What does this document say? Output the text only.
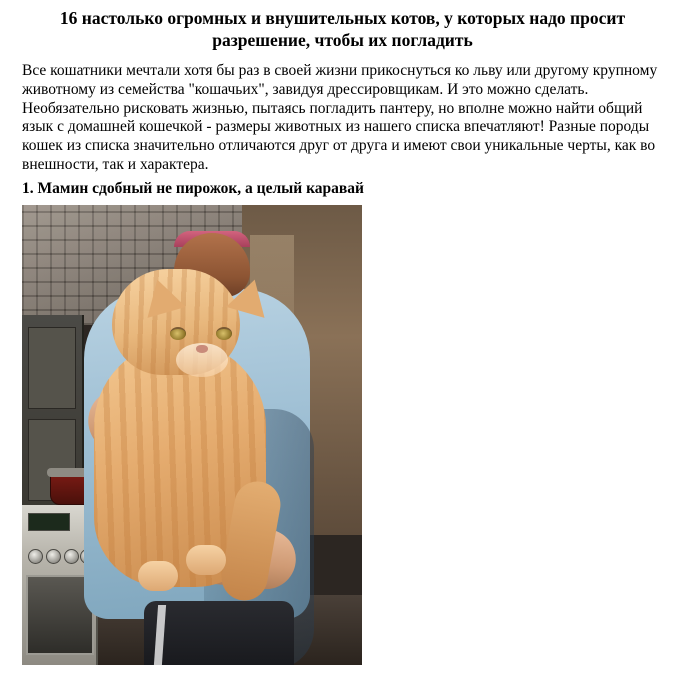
16 настолько огромных и внушительных котов, у которых надо просит разрешение, чтобы их погладить

Все кошатники мечтали хотя бы раз в своей жизни прикоснуться ко льву или другому крупному животному из семейства "кошачьих", завидуя дрессировщикам. И это можно сделать.

Необязательно рисковать жизнью, пытаясь погладить пантеру, но вполне можно найти общий язык с домашней кошечкой - размеры животных из нашего списка впечатляют! Разные породы кошек из списка значительно отличаются друг от друга и имеют свои уникальные черты, как во внешности, так и характера.

1. Мамин сдобный не пирожок, а целый каравай
